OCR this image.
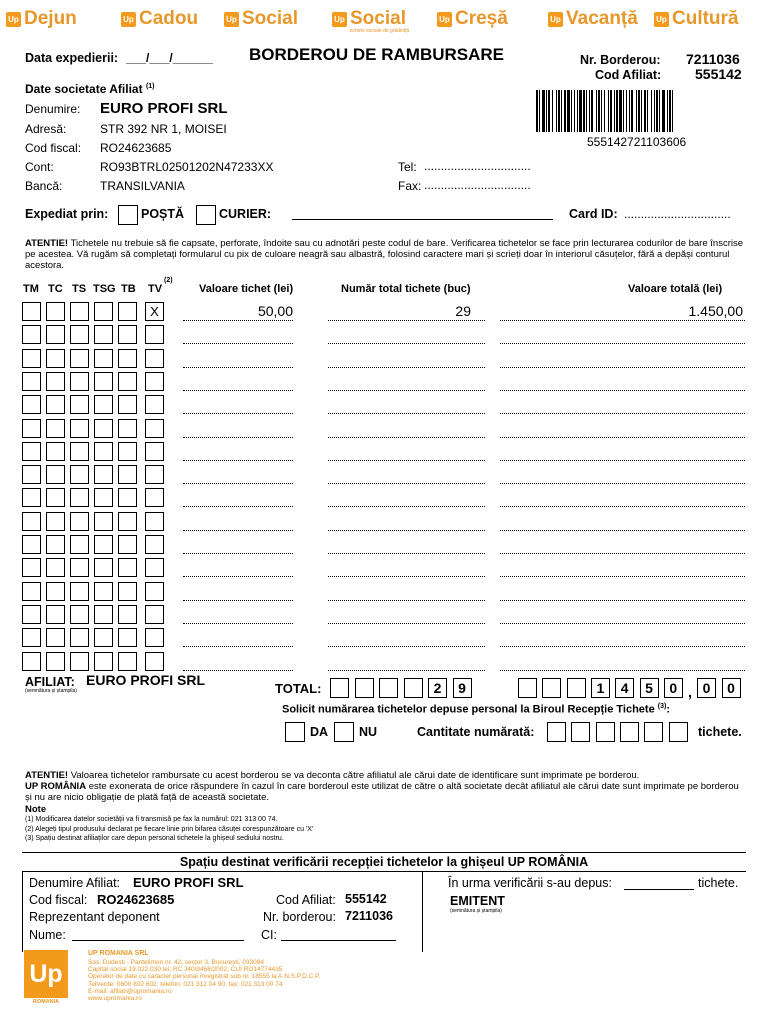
Up Dejun	Up Cadou	Up Social	Up Social
tichete sociale de grădiniță
Up Creșă	Up Vacanță Up Cultură
Data expedierii: ___/___/______ BORDEROU DE RAMBURSARE	Nr. Borderou: 7211036
Cod Afiliat: 555142
555142721103606
Date societate Afiliat $^{(1)}$
Denumire: EURO PROFI SRL
Adresă:	STR 392 NR 1, MOISEI
Cod fiscal: RO24623685
Cont:	RO93BTRL02501202N47233XX
Bancă:	TRANSILVANIA
Tel: ................................
Fax: ................................
Expediat prin:	POȘTĂ	CURIER:	Card ID: ................................
ATENTIE! Tichetele nu trebuie să fie capsate, perforate, îndoite sau cu adnotări peste codul de bare. Verificarea tichetelor se face prin lecturarea codurilor de bare înscrise pe acestea. Vă rugăm să completați formularul cu pix de culoare neagră sau albastră, folosind caractere mari și scrieți doar în interiorul căsuțelor, fără a depăși conturul acestora.
TM TC TS TSG TB TV
(2)
Valoare tichet (lei)	Număr total tichete (buc)	Valoare totală (lei)
X	50,00	29	1.450,00
AFILIAT: EURO PROFI SRL
(semnătura și ștampila)	TOTAL:	2	9	1	4	5	0	0	0
,
Solicit numărarea tichetelor depuse personal la Biroul Recepție Tichete $^{(3)}$:
DA NU	Cantitate numărată:	tichete.
ATENTIE! Valoarea tichetelor rambursate cu acest borderou se va deconta către afiliatul ale cărui date de identificare sunt imprimate pe borderou.
UP ROMÂNIA este exonerata de orice răspundere în cazul în care borderoul este utilizat de către o altă societate decât afiliatul ale cărui date sunt imprimate pe borderou și nu are nicio obligație de plată față de această societate.
Note
(1) Modificarea datelor societății va fi transmisă pe fax la numărul: 021 313 00 74.
(2) Alegeți tipul produsului declarat pe fiecare linie prin bifarea căsuței corespunzătoare cu 'X'
(3) Spațiu destinat afiliaților care depun personal tichetele la ghișeul sediului nostru.
Spațiu destinat verificării recepției tichetelor la ghișeul UP ROMÂNIA
Denumire Afiliat: EURO PROFI SRL
Cod fiscal: RO24623685	Cod Afiliat: 555142
Reprezentant deponent	Nr. borderou: 7211036
Nume:	CI:
În urma verificării s-au depus:	tichete.
EMITENT
(semnătura și ștampila)
Up
ROMANIA
UP ROMANIA SRL
Șos. Dudești - Pantelimon nr. 42, sector 3, București, 033094
Capital social 19.022.030 lei, RC J40/8468/2002, CUI RO14774435
Operator de date cu caracter personal înregistrat sub nr. 18555 la A.N.S.P.D.C.P.
TelVerde: 0800 802 602, telefon: 021 312 04 90, fax: 021 313 00 74
E-mail: afiliati@upromania.ro
www.upromania.ro
